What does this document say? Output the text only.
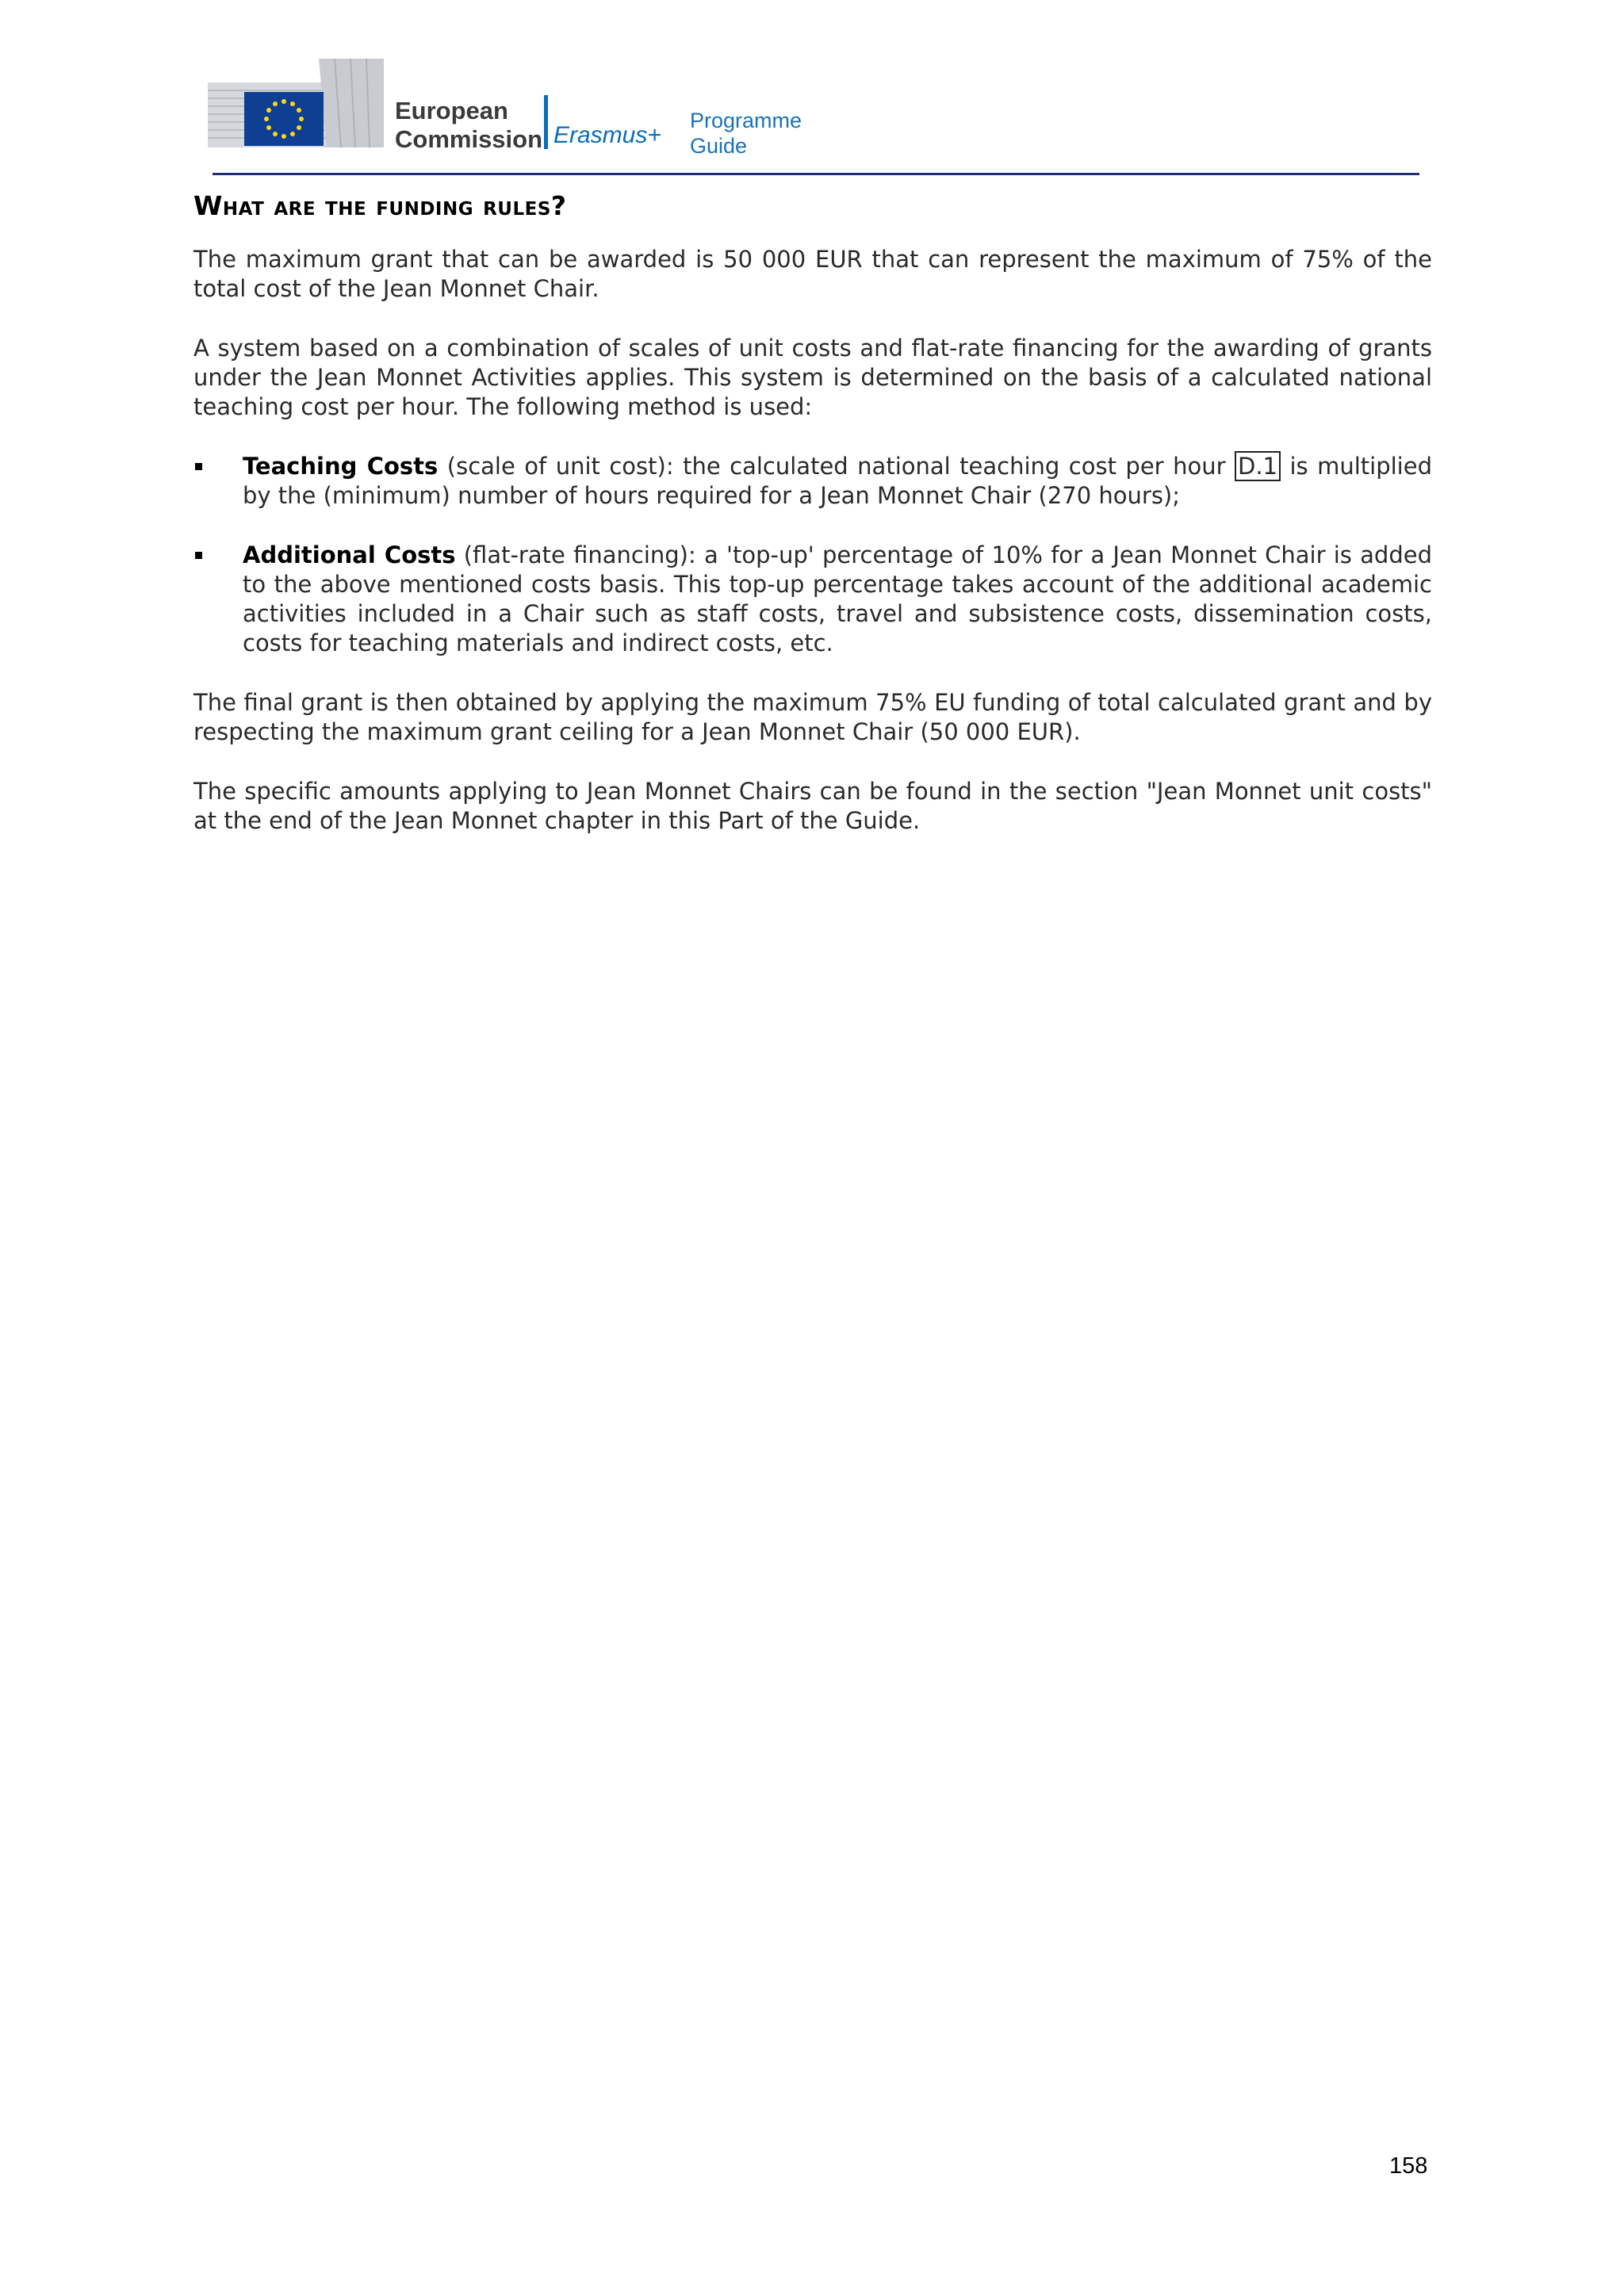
European
Commission Erasmus+
Programme
Guide
What are the funding rules?

The maximum grant that can be awarded is 50 000 EUR that can represent the maximum of 75% of the total cost of the Jean Monnet Chair.

A system based on a combination of scales of unit costs and flat-rate financing for the awarding of grants under the Jean Monnet Activities applies. This system is determined on the basis of a calculated national teaching cost per hour. The following method is used:

Teaching Costs (scale of unit cost): the calculated national teaching cost per hour D.1 is multiplied by the (minimum) number of hours required for a Jean Monnet Chair (270 hours);
Additional Costs (flat-rate financing): a 'top-up' percentage of 10% for a Jean Monnet Chair is added to the above mentioned costs basis. This top-up percentage takes account of the additional academic activities included in a Chair such as staff costs, travel and subsistence costs, dissemination costs, costs for teaching materials and indirect costs, etc.

The final grant is then obtained by applying the maximum 75% EU funding of total calculated grant and by respecting the maximum grant ceiling for a Jean Monnet Chair (50 000 EUR).

The specific amounts applying to Jean Monnet Chairs can be found in the section "Jean Monnet unit costs" at the end of the Jean Monnet chapter in this Part of the Guide.

158
